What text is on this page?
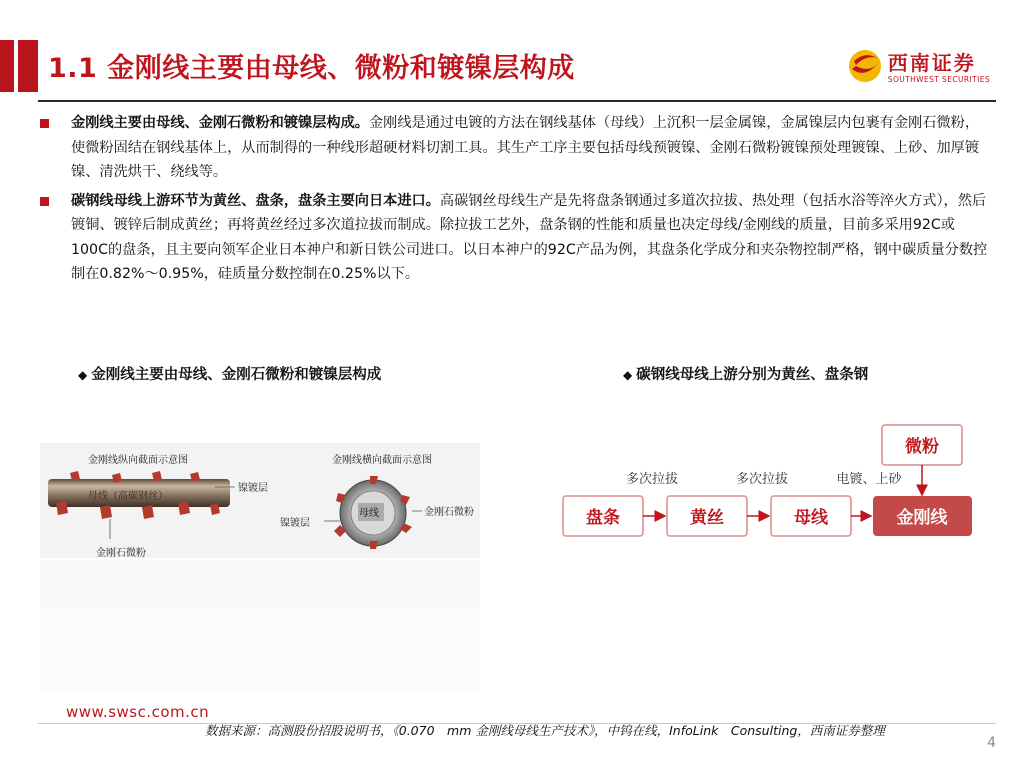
1.1 金刚线主要由母线、微粉和镀镍层构成	西南证券
SOUTHWEST SECURITIES
金刚线主要由母线、金刚石微粉和镀镍层构成。金刚线是通过电镀的方法在钢线基体（母线）上沉积一层金属镍，金属镍层内包裹有金刚石微粉，使微粉固结在钢线基体上，从而制得的一种线形超硬材料切割工具。其生产工序主要包括母线预镀镍、金刚石微粉镀镍预处理镀镍、上砂、加厚镀镍、清洗烘干、绕线等。
碳钢线母线上游环节为黄丝、盘条，盘条主要向日本进口。高碳钢丝母线生产是先将盘条钢通过多道次拉拔、热处理（包括水浴等淬火方式），然后镀铜、镀锌后制成黄丝；再将黄丝经过多次道拉拔而制成。除拉拔工艺外，盘条钢的性能和质量也决定母线/金刚线的质量，目前多采用92C或100C的盘条，且主要向领军企业日本神户和新日铁公司进口。以日本神户的92C产品为例，其盘条化学成分和夹杂物控制严格，钢中碳质量分数控制在0.82%～0.95%，硅质量分数控制在0.25%以下。
◆ 金刚线主要由母线、金刚石微粉和镀镍层构成	◆ 碳钢线母线上游分别为黄丝、盘条钢
金刚线纵向截面示意图
母线（高碳钢丝）
镍镀层
金刚石微粉
金刚线横向截面示意图
母线	金刚石微粉
镍镀层
微粉
多次拉拔	多次拉拔	电镀、上砂
盘条	黄丝	母线	金刚线
www.swsc.com.cn
数据来源：高测股份招股说明书，《0.070　mm 金刚线母线生产技术》，中钨在线，InfoLink　Consulting，西南证券整理
4
